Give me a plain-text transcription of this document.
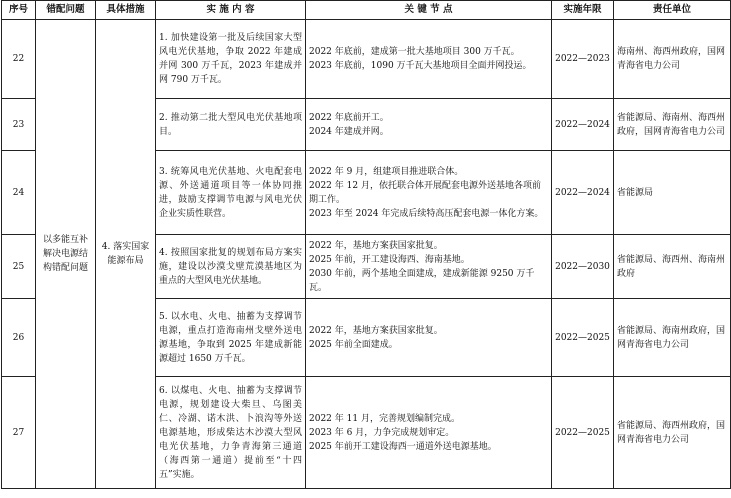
序号	错配问题	具体措施	实 施 内 容	关 键 节 点	实施年限	责任单位
22	以多能互补解决电源结构错配问题	4. 落实国家能源布局	1. 加快建设第一批及后续国家大型风电光伏基地，争取 2022 年建成并网 300 万千瓦，2023 年建成并网 790 万千瓦。	2022 年底前，建成第一批大基地项目 300 万千瓦。
2023 年底前，1090 万千瓦大基地项目全面并网投运。	2022—2023	海南州、海西州政府，国网青海省电力公司
23			2. 推动第二批大型风电光伏基地项目。	2022 年底前开工。
2024 年建成并网。	2022—2024	省能源局、海南州、海西州政府，国网青海省电力公司
24			3. 统筹风电光伏基地、火电配套电源、外送通道项目等一体协同推进，鼓励支撑调节电源与风电光伏企业实质性联营。	2022 年 9 月，组建项目推进联合体。
2022 年 12 月，依托联合体开展配套电源外送基地各项前期工作。
2023 年至 2024 年完成后续特高压配套电源一体化方案。	2022—2024	省能源局
25			4. 按照国家批复的规划布局方案实施，建设以沙漠戈壁荒漠基地区为重点的大型风电光伏基地。	2022 年，基地方案获国家批复。
2025 年前，开工建设海西、海南基地。
2030 年前，两个基地全面建成，建成新能源 9250 万千瓦。	2022—2030	省能源局、海西州、海南州政府
26			5. 以水电、火电、抽蓄为支撑调节电源，重点打造海南州戈壁外送电源基地，争取到 2025 年建成新能源超过 1650 万千瓦。	2022 年，基地方案获国家批复。
2025 年前全面建成。	2022—2025	省能源局、海南州政府，国网青海省电力公司
27			6. 以煤电、火电、抽蓄为支撑调节电源，规划建设大柴旦、乌图美仁、冷湖、诺木洪、卜浪沟等外送电源基地，形成柴达木沙漠大型风电光伏基地，力争青海第三通道（海西第一通道）提前至“十四五”实施。	2022 年 11 月，完善规划编制完成。
2023 年 6 月，力争完成规划审定。
2025 年前开工建设海西一通道外送电源基地。	2022—2025	省能源局、海西州政府，国网青海省电力公司
